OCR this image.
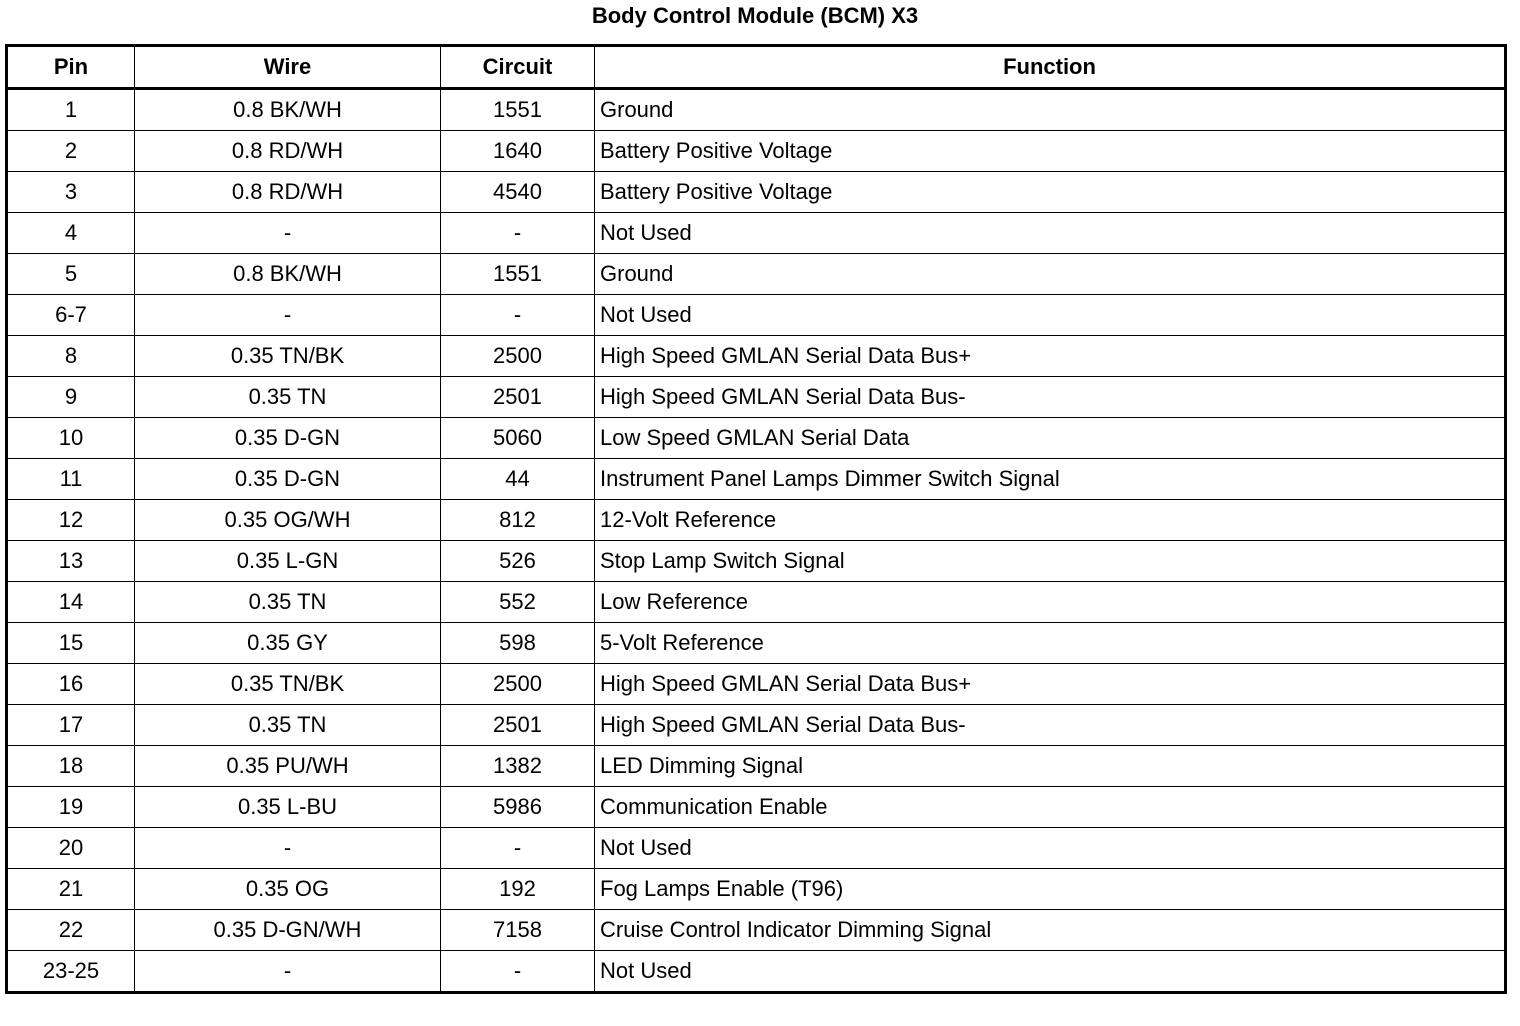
Body Control Module (BCM) X3
Pin	Wire	Circuit	Function
1	0.8 BK/WH	1551	Ground
2	0.8 RD/WH	1640	Battery Positive Voltage
3	0.8 RD/WH	4540	Battery Positive Voltage
4	-	-	Not Used
5	0.8 BK/WH	1551	Ground
6-7	-	-	Not Used
8	0.35 TN/BK	2500	High Speed GMLAN Serial Data Bus+
9	0.35 TN	2501	High Speed GMLAN Serial Data Bus-
10	0.35 D-GN	5060	Low Speed GMLAN Serial Data
11	0.35 D-GN	44	Instrument Panel Lamps Dimmer Switch Signal
12	0.35 OG/WH	812	12-Volt Reference
13	0.35 L-GN	526	Stop Lamp Switch Signal
14	0.35 TN	552	Low Reference
15	0.35 GY	598	5-Volt Reference
16	0.35 TN/BK	2500	High Speed GMLAN Serial Data Bus+
17	0.35 TN	2501	High Speed GMLAN Serial Data Bus-
18	0.35 PU/WH	1382	LED Dimming Signal
19	0.35 L-BU	5986	Communication Enable
20	-	-	Not Used
21	0.35 OG	192	Fog Lamps Enable (T96)
22	0.35 D-GN/WH	7158	Cruise Control Indicator Dimming Signal
23-25	-	-	Not Used
